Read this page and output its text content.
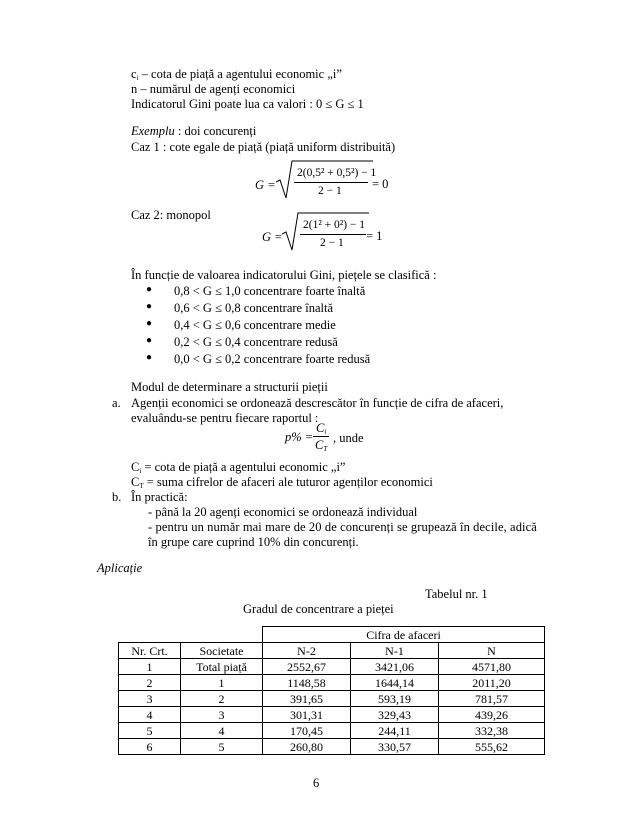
$c_i$ – cota de piață a agentului economic „i”
n – numărul de agenți economici
Indicatorul Gini poate lua ca valori : 0 ≤ G ≤ 1
Exemplu : doi concurenți
Caz 1 : cote egale de piață (piață uniform distribuită)
G =
2(0,5² + 0,5²) − 1
2 − 1 = 0
Caz 2: monopol
G =
2(1² + 0²) − 1
2 − 1 = 1
În funcție de valoarea indicatorului Gini, piețele se clasifică :
● 0,8 < G ≤ 1,0 concentrare foarte înaltă
● 0,6 < G ≤ 0,8 concentrare înaltă
● 0,4 < G ≤ 0,6 concentrare medie
● 0,2 < G ≤ 0,4 concentrare redusă
● 0,0 < G ≤ 0,2 concentrare foarte redusă
Modul de determinare a structurii pieții
a. Agenții economici se ordonează descrescător în funcție de cifra de afaceri,
evaluându-se pentru fiecare raportul :
p% =
$C_i$
$C_T$
, unde
$C_i = \cot a$ de piață a agentului economic „i”
$C_T$ = suma cifrelor de afaceri ale tuturor agenților economici
b. În practică:
- până la 20 agenți economici se ordonează individual
- pentru un număr mai mare de 20 de concurenți se grupează în decile, adică
în grupe care cuprind 10% din concurenți.
Aplicație
Tabelul nr. 1
Gradul de concentrare a pieței
		Cifra de afaceri		
Nr. Crt.	Societate	N-2	N-1	N
1	Total piață	2552,67	3421,06	4571,80
2	1	1148,58	1644,14	2011,20
3	2	391,65	593,19	781,57
4	3	301,31	329,43	439,26
5	4	170,45	244,11	332,38
6	5	260,80	330,57	555,62
6
